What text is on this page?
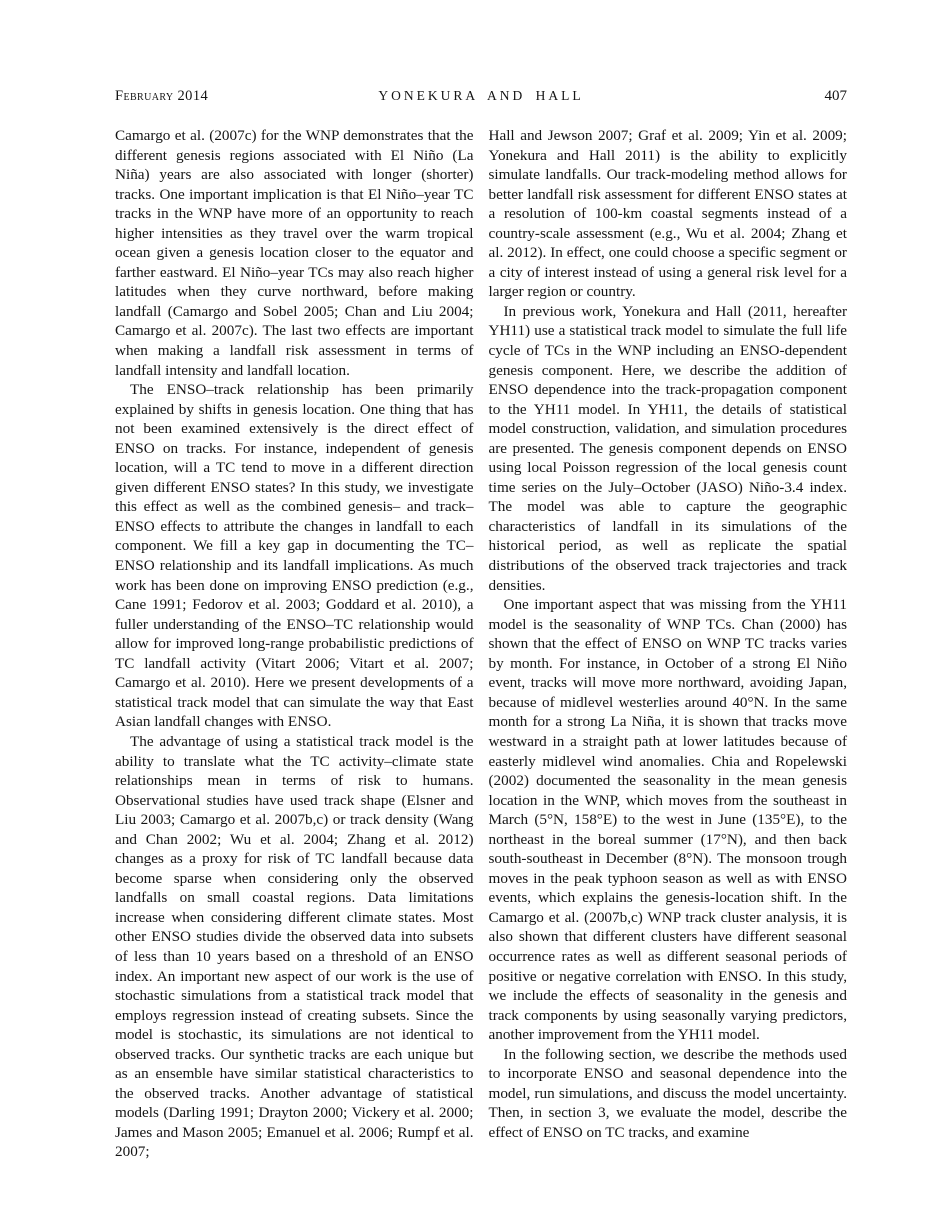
February 2014	YONEKURA AND HALL	407

Camargo et al. (2007c) for the WNP demonstrates that the different genesis regions associated with El Niño (La Niña) years are also associated with longer (shorter) tracks. One important implication is that El Niño–year TC tracks in the WNP have more of an opportunity to reach higher intensities as they travel over the warm tropical ocean given a genesis location closer to the equator and farther eastward. El Niño–year TCs may also reach higher latitudes when they curve northward, before making landfall (Camargo and Sobel 2005; Chan and Liu 2004; Camargo et al. 2007c). The last two effects are important when making a landfall risk assessment in terms of landfall intensity and landfall location.

The ENSO–track relationship has been primarily explained by shifts in genesis location. One thing that has not been examined extensively is the direct effect of ENSO on tracks. For instance, independent of genesis location, will a TC tend to move in a different direction given different ENSO states? In this study, we investigate this effect as well as the combined genesis– and track–ENSO effects to attribute the changes in landfall to each component. We fill a key gap in documenting the TC–ENSO relationship and its landfall implications. As much work has been done on improving ENSO prediction (e.g., Cane 1991; Fedorov et al. 2003; Goddard et al. 2010), a fuller understanding of the ENSO–TC relationship would allow for improved long-range probabilistic predictions of TC landfall activity (Vitart 2006; Vitart et al. 2007; Camargo et al. 2010). Here we present developments of a statistical track model that can simulate the way that East Asian landfall changes with ENSO.

The advantage of using a statistical track model is the ability to translate what the TC activity–climate state relationships mean in terms of risk to humans. Observational studies have used track shape (Elsner and Liu 2003; Camargo et al. 2007b,c) or track density (Wang and Chan 2002; Wu et al. 2004; Zhang et al. 2012) changes as a proxy for risk of TC landfall because data become sparse when considering only the observed landfalls on small coastal regions. Data limitations increase when considering different climate states. Most other ENSO studies divide the observed data into subsets of less than 10 years based on a threshold of an ENSO index. An important new aspect of our work is the use of stochastic simulations from a statistical track model that employs regression instead of creating subsets. Since the model is stochastic, its simulations are not identical to observed tracks. Our synthetic tracks are each unique but as an ensemble have similar statistical characteristics to the observed tracks. Another advantage of statistical models (Darling 1991; Drayton 2000; Vickery et al. 2000; James and Mason 2005; Emanuel et al. 2006; Rumpf et al. 2007;

Hall and Jewson 2007; Graf et al. 2009; Yin et al. 2009; Yonekura and Hall 2011) is the ability to explicitly simulate landfalls. Our track-modeling method allows for better landfall risk assessment for different ENSO states at a resolution of 100-km coastal segments instead of a country-scale assessment (e.g., Wu et al. 2004; Zhang et al. 2012). In effect, one could choose a specific segment or a city of interest instead of using a general risk level for a larger region or country.

In previous work, Yonekura and Hall (2011, hereafter YH11) use a statistical track model to simulate the full life cycle of TCs in the WNP including an ENSO-dependent genesis component. Here, we describe the addition of ENSO dependence into the track-propagation component to the YH11 model. In YH11, the details of statistical model construction, validation, and simulation procedures are presented. The genesis component depends on ENSO using local Poisson regression of the local genesis count time series on the July–October (JASO) Niño-3.4 index. The model was able to capture the geographic characteristics of landfall in its simulations of the historical period, as well as replicate the spatial distributions of the observed track trajectories and track densities.

One important aspect that was missing from the YH11 model is the seasonality of WNP TCs. Chan (2000) has shown that the effect of ENSO on WNP TC tracks varies by month. For instance, in October of a strong El Niño event, tracks will move more northward, avoiding Japan, because of midlevel westerlies around 40°N. In the same month for a strong La Niña, it is shown that tracks move westward in a straight path at lower latitudes because of easterly midlevel wind anomalies. Chia and Ropelewski (2002) documented the seasonality in the mean genesis location in the WNP, which moves from the southeast in March (5°N, 158°E) to the west in June (135°E), to the northeast in the boreal summer (17°N), and then back south-southeast in December (8°N). The monsoon trough moves in the peak typhoon season as well as with ENSO events, which explains the genesis-location shift. In the Camargo et al. (2007b,c) WNP track cluster analysis, it is also shown that different clusters have different seasonal occurrence rates as well as different seasonal periods of positive or negative correlation with ENSO. In this study, we include the effects of seasonality in the genesis and track components by using seasonally varying predictors, another improvement from the YH11 model.

In the following section, we describe the methods used to incorporate ENSO and seasonal dependence into the model, run simulations, and discuss the model uncertainty. Then, in section 3, we evaluate the model, describe the effect of ENSO on TC tracks, and examine
